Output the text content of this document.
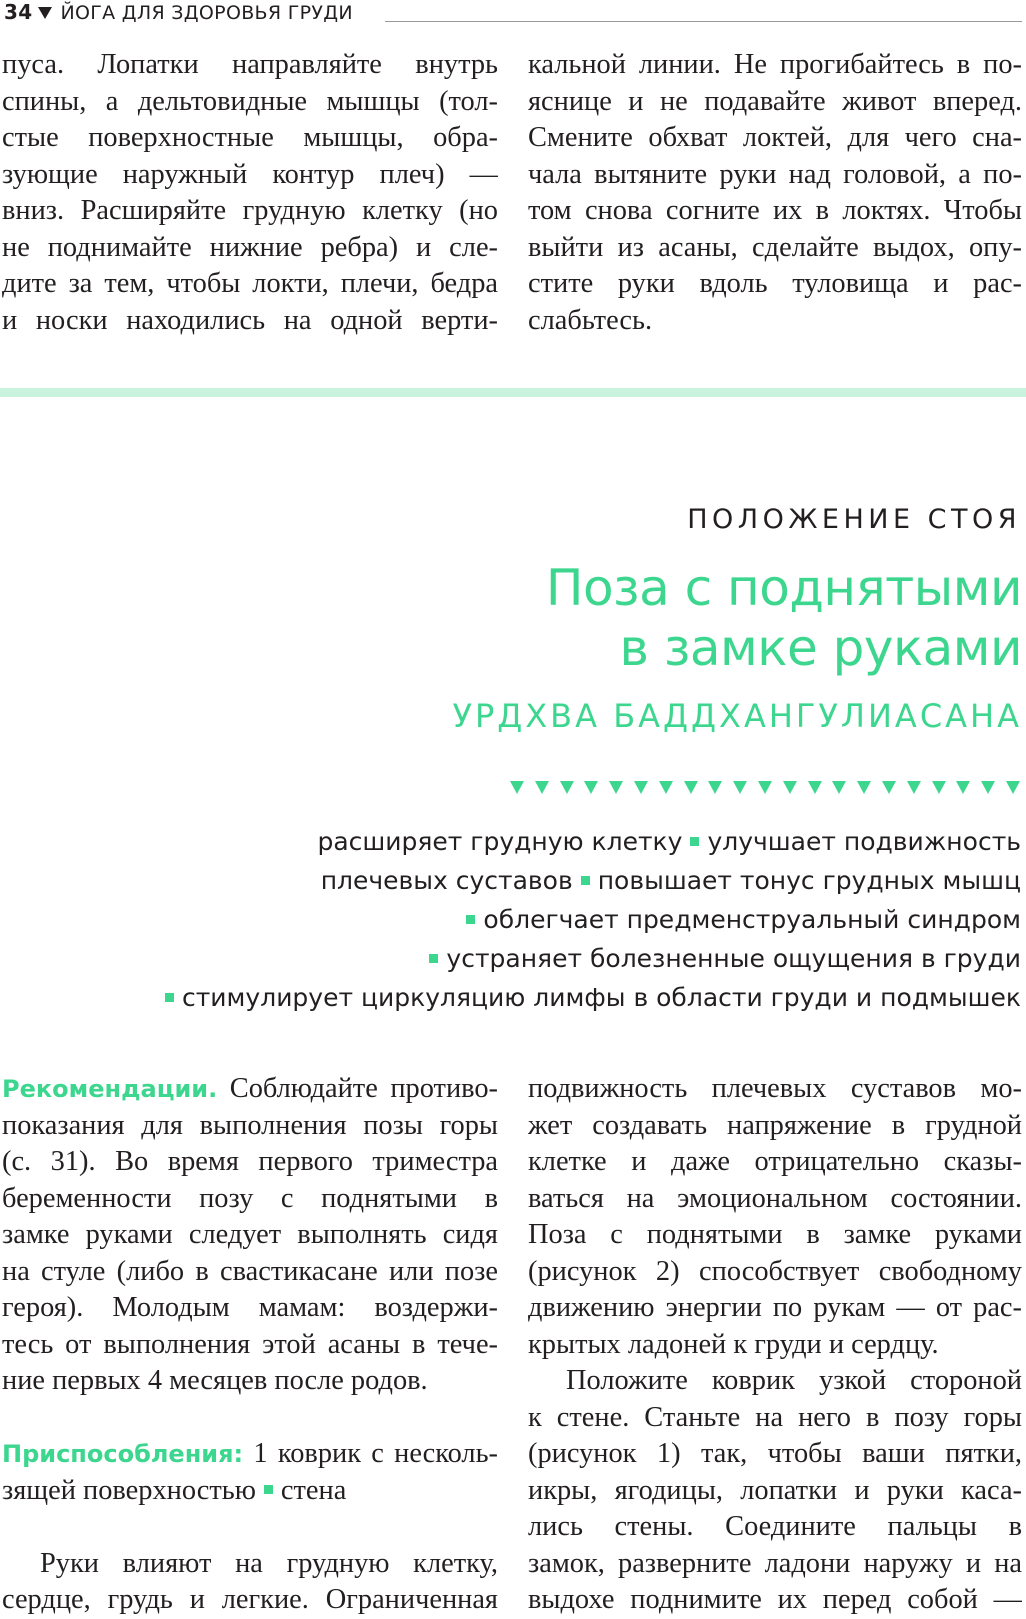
34 ЙОГА ДЛЯ ЗДОРОВЬЯ ГРУДИ
пуса. Лопатки направляйте внутрь
спины, а дельтовидные мышцы (тол-
стые поверхностные мышцы, обра-
зующие наружный контур плеч) —
вниз. Расширяйте грудную клетку (но
не поднимайте нижние ребра) и сле-
дите за тем, чтобы локти, плечи, бедра
и носки находились на одной верти-
кальной линии. Не прогибайтесь в по-
яснице и не подавайте живот вперед.
Смените обхват локтей, для чего сна-
чала вытяните руки над головой, а по-
том снова согните их в локтях. Чтобы
выйти из асаны, сделайте выдох, опу-
стите руки вдоль туловища и рас-
слабьтесь.
ПОЛОЖЕНИЕ СТОЯ
Поза с поднятыми
в замке руками
УРДХВА БАДДХАНГУЛИАСАНА
расширяет грудную клетку улучшает подвижность
плечевых суставов повышает тонус грудных мышц
облегчает предменструальный синдром
устраняет болезненные ощущения в груди
стимулирует циркуляцию лимфы в области груди и подмышек
Рекомендации. Соблюдайте противо-
показания для выполнения позы горы
(с. 31). Во время первого триместра
беременности позу с поднятыми в
замке руками следует выполнять сидя
на стуле (либо в свастикасане или позе
героя). Молодым мамам: воздержи-
тесь от выполнения этой асаны в тече-
ние первых 4 месяцев после родов.
Приспособления: 1 коврик с несколь-
зящей поверхностью стена
Руки влияют на грудную клетку,
сердце, грудь и легкие. Ограниченная
подвижность плечевых суставов мо-
жет создавать напряжение в грудной
клетке и даже отрицательно сказы-
ваться на эмоциональном состоянии.
Поза с поднятыми в замке руками
(рисунок 2) способствует свободному
движению энергии по рукам — от рас-
крытых ладоней к груди и сердцу.
Положите коврик узкой стороной
к стене. Станьте на него в позу горы
(рисунок 1) так, чтобы ваши пятки,
икры, ягодицы, лопатки и руки каса-
лись стены. Соедините пальцы в
замок, разверните ладони наружу и на
выдохе поднимите их перед собой —
